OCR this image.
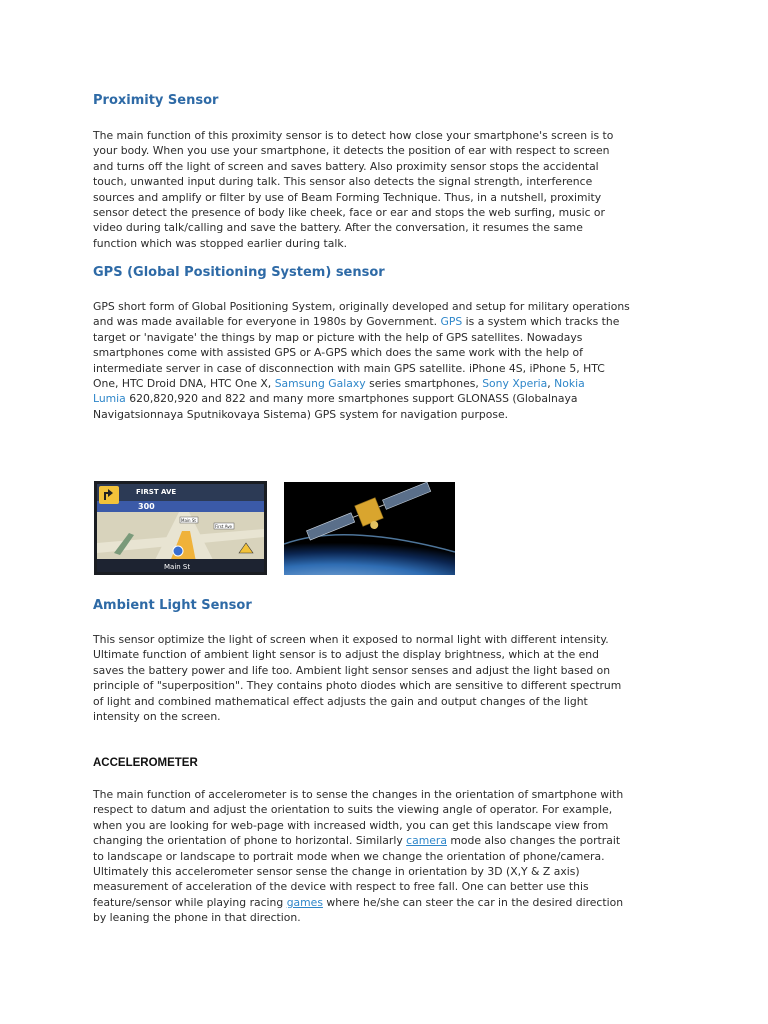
Proximity Sensor
The main function of this proximity sensor is to detect how close your smartphone's screen is to
your body. When you use your smartphone, it detects the position of ear with respect to screen
and turns off the light of screen and saves battery. Also proximity sensor stops the accidental
touch, unwanted input during talk. This sensor also detects the signal strength, interference
sources and amplify or filter by use of Beam Forming Technique. Thus, in a nutshell, proximity
sensor detect the presence of body like cheek, face or ear and stops the web surfing, music or
video during talk/calling and save the battery. After the conversation, it resumes the same
function which was stopped earlier during talk.
GPS (Global Positioning System) sensor
GPS short form of Global Positioning System, originally developed and setup for military operations
and was made available for everyone in 1980s by Government. GPS is a system which tracks the
target or 'navigate' the things by map or picture with the help of GPS satellites. Nowadays
smartphones come with assisted GPS or A-GPS which does the same work with the help of
intermediate server in case of disconnection with main GPS satellite. iPhone 4S, iPhone 5, HTC
One, HTC Droid DNA, HTC One X, Samsung Galaxy series smartphones, Sony Xperia, Nokia
Lumia 620,820,920 and 822 and many more smartphones support GLONASS (Globalnaya
Navigatsionnaya Sputnikovaya Sistema) GPS system for navigation purpose.
FIRST AVE
300
Main St
First Ave
Main St
Ambient Light Sensor
This sensor optimize the light of screen when it exposed to normal light with different intensity.
Ultimate function of ambient light sensor is to adjust the display brightness, which at the end
saves the battery power and life too. Ambient light sensor senses and adjust the light based on
principle of "superposition". They contains photo diodes which are sensitive to different spectrum
of light and combined mathematical effect adjusts the gain and output changes of the light
intensity on the screen.
ACCELEROMETER
The main function of accelerometer is to sense the changes in the orientation of smartphone with
respect to datum and adjust the orientation to suits the viewing angle of operator. For example,
when you are looking for web-page with increased width, you can get this landscape view from
changing the orientation of phone to horizontal. Similarly camera mode also changes the portrait
to landscape or landscape to portrait mode when we change the orientation of phone/camera.
Ultimately this accelerometer sensor sense the change in orientation by 3D (X,Y & Z axis)
measurement of acceleration of the device with respect to free fall. One can better use this
feature/sensor while playing racing games where he/she can steer the car in the desired direction
by leaning the phone in that direction.
